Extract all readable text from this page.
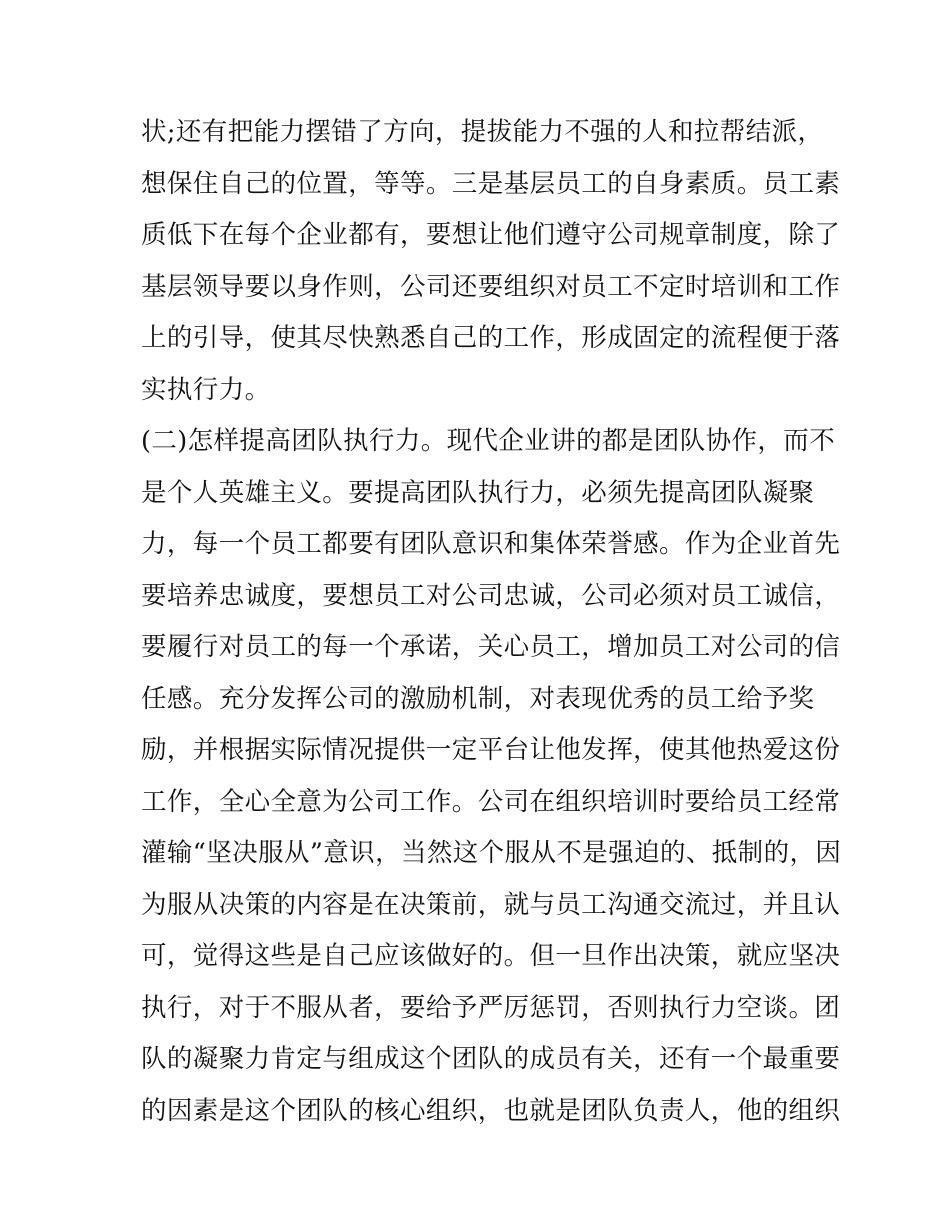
状;还有把能力摆错了方向，提拔能力不强的人和拉帮结派，
想保住自己的位置，等等。三是基层员工的自身素质。员工素
质低下在每个企业都有，要想让他们遵守公司规章制度，除了
基层领导要以身作则，公司还要组织对员工不定时培训和工作
上的引导，使其尽快熟悉自己的工作，形成固定的流程便于落
实执行力。
(二)怎样提高团队执行力。现代企业讲的都是团队协作，而不
是个人英雄主义。要提高团队执行力，必须先提高团队凝聚
力，每一个员工都要有团队意识和集体荣誉感。作为企业首先
要培养忠诚度，要想员工对公司忠诚，公司必须对员工诚信，
要履行对员工的每一个承诺，关心员工，增加员工对公司的信
任感。充分发挥公司的激励机制，对表现优秀的员工给予奖
励，并根据实际情况提供一定平台让他发挥，使其他热爱这份
工作，全心全意为公司工作。公司在组织培训时要给员工经常
灌输“坚决服从”意识，当然这个服从不是强迫的、抵制的，因
为服从决策的内容是在决策前，就与员工沟通交流过，并且认
可，觉得这些是自己应该做好的。但一旦作出决策，就应坚决
执行，对于不服从者，要给予严厉惩罚，否则执行力空谈。团
队的凝聚力肯定与组成这个团队的成员有关，还有一个最重要
的因素是这个团队的核心组织，也就是团队负责人，他的组织
